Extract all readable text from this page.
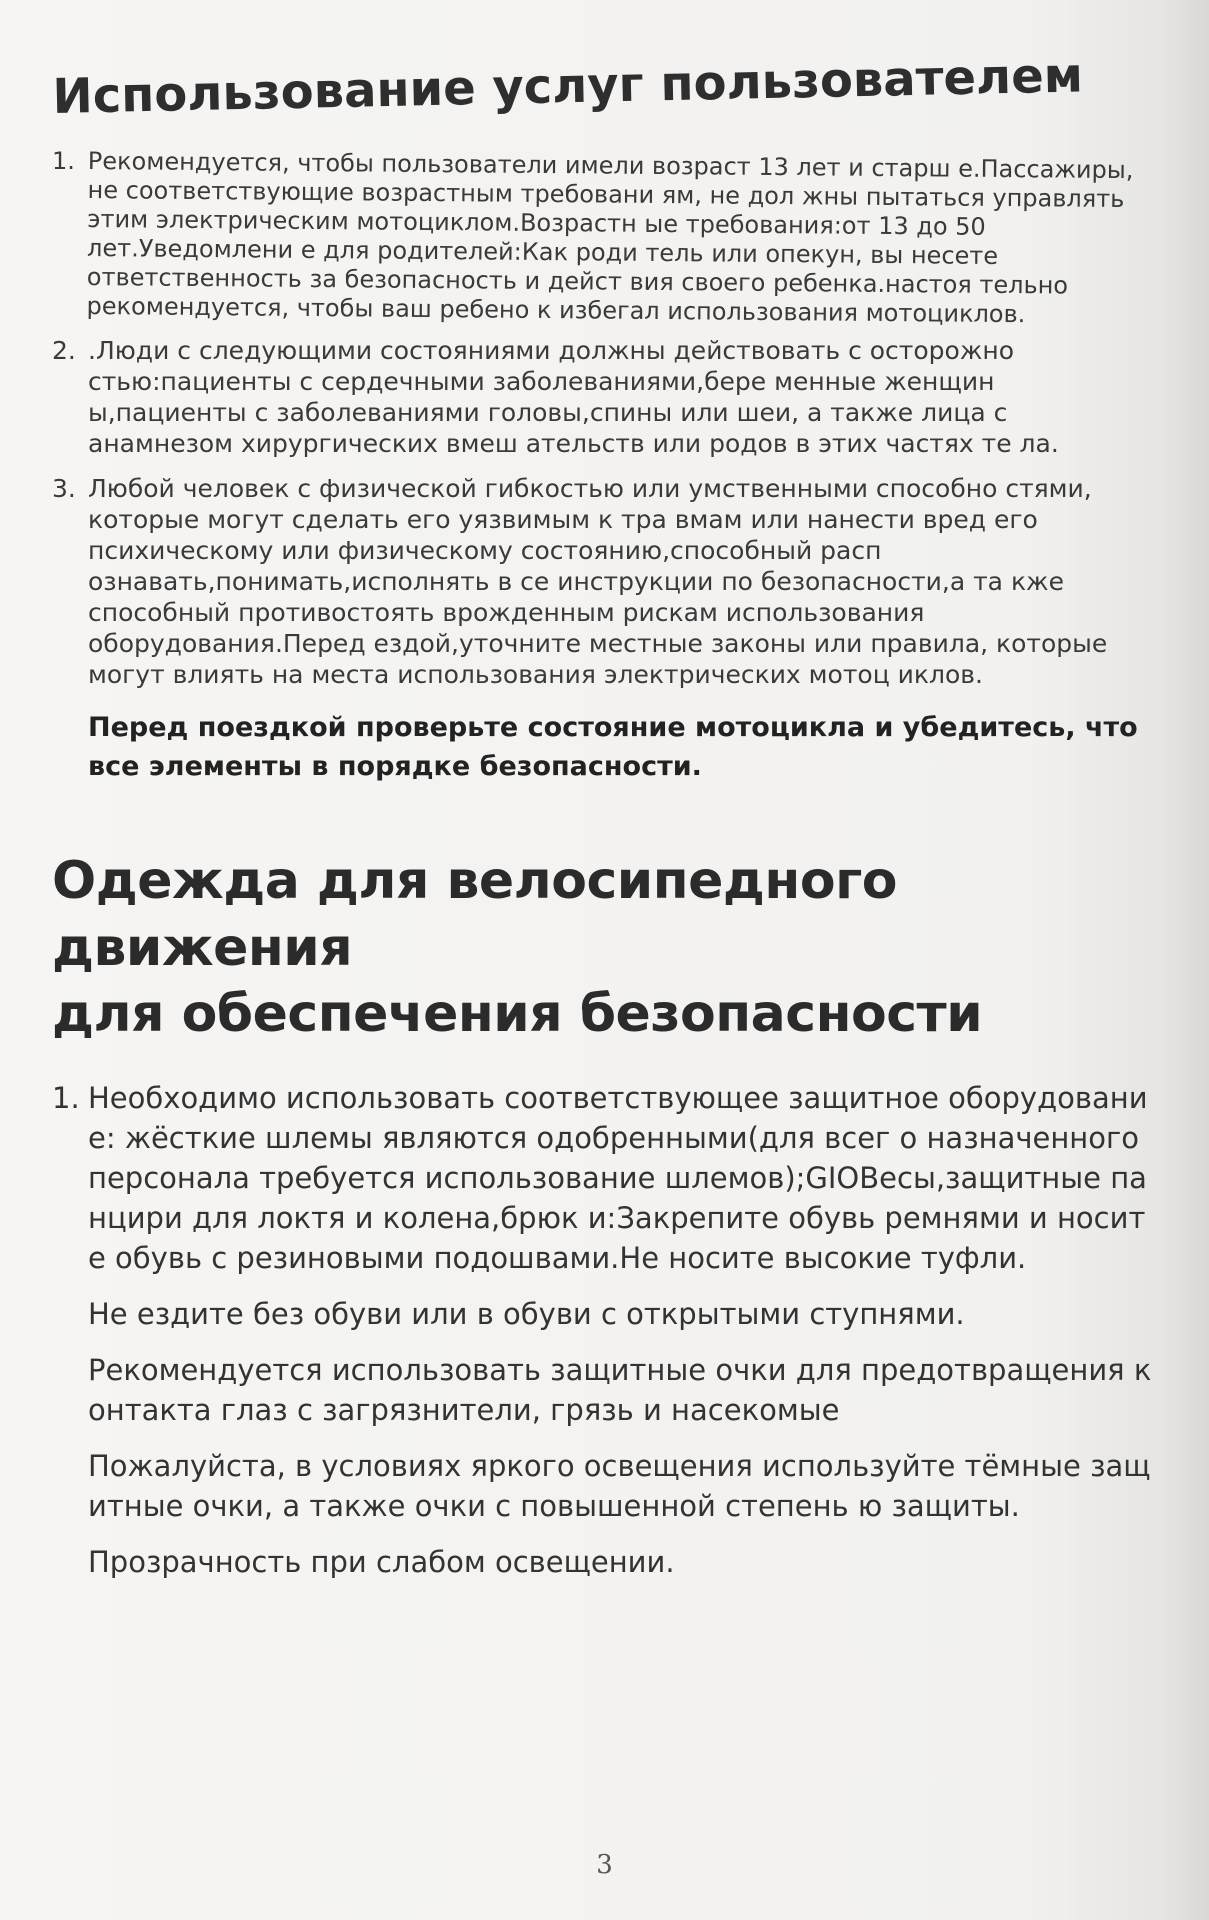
Использование услуг пользователем
1. Рекомендуется, чтобы пользователи имели возраст 13 лет и старш е.Пассажиры, не соответствующие возрастным требовани ям, не дол жны пытаться управлять этим электрическим мотоциклом.Возрастн ые требования:от 13 до 50 лет.Уведомлени е для родителей:Как роди тель или опекун, вы несете ответственность за безопасность и дейст вия своего ребенка.настоя тельно рекомендуется, чтобы ваш ребено к избегал использования мотоциклов.
2. .Люди с следующими состояниями должны действовать с осторожно стью:пациенты с сердечными заболеваниями,бере менные женщин ы,пациенты с заболеваниями головы,спины или шеи, а также лица с анамнезом хирургических вмеш ательств или родов в этих частях те ла.
3. Любой человек с физической гибкостью или умственными способно стями, которые могут сделать его уязвимым к тра вмам или нанести вред его психическому или физическому состоянию,способный расп ознавать,понимать,исполнять в се инструкции по безопасности,а та кже способный противостоять врожденным рискам использования оборудования.Перед ездой,уточните местные законы или правила, которые могут влиять на места использования электрических мотоц иклов.
Перед поездкой проверьте состояние мотоцикла и убедитесь, что все элементы в порядке безопасности.
Одежда для велосипедного движения
для обеспечения безопасности
1. Необходимо использовать соответствующее защитное оборудовани е: жёсткие шлемы являются одобренными(для всег о назначенного персонала требуется использование шлемов);GIOВесы,защитные па нцири для локтя и колена,брюк и:Закрепите обувь ремнями и носит е обувь с резиновыми подошвами.Не носите высокие туфли.
Не ездите без обуви или в обуви с открытыми ступнями.
Рекомендуется использовать защитные очки для предотвращения к онтакта глаз с загрязнители, грязь и насекомые
Пожалуйста, в условиях яркого освещения используйте тёмные защ итные очки, а также очки с повышенной степень ю защиты.
Прозрачность при слабом освещении.
3
